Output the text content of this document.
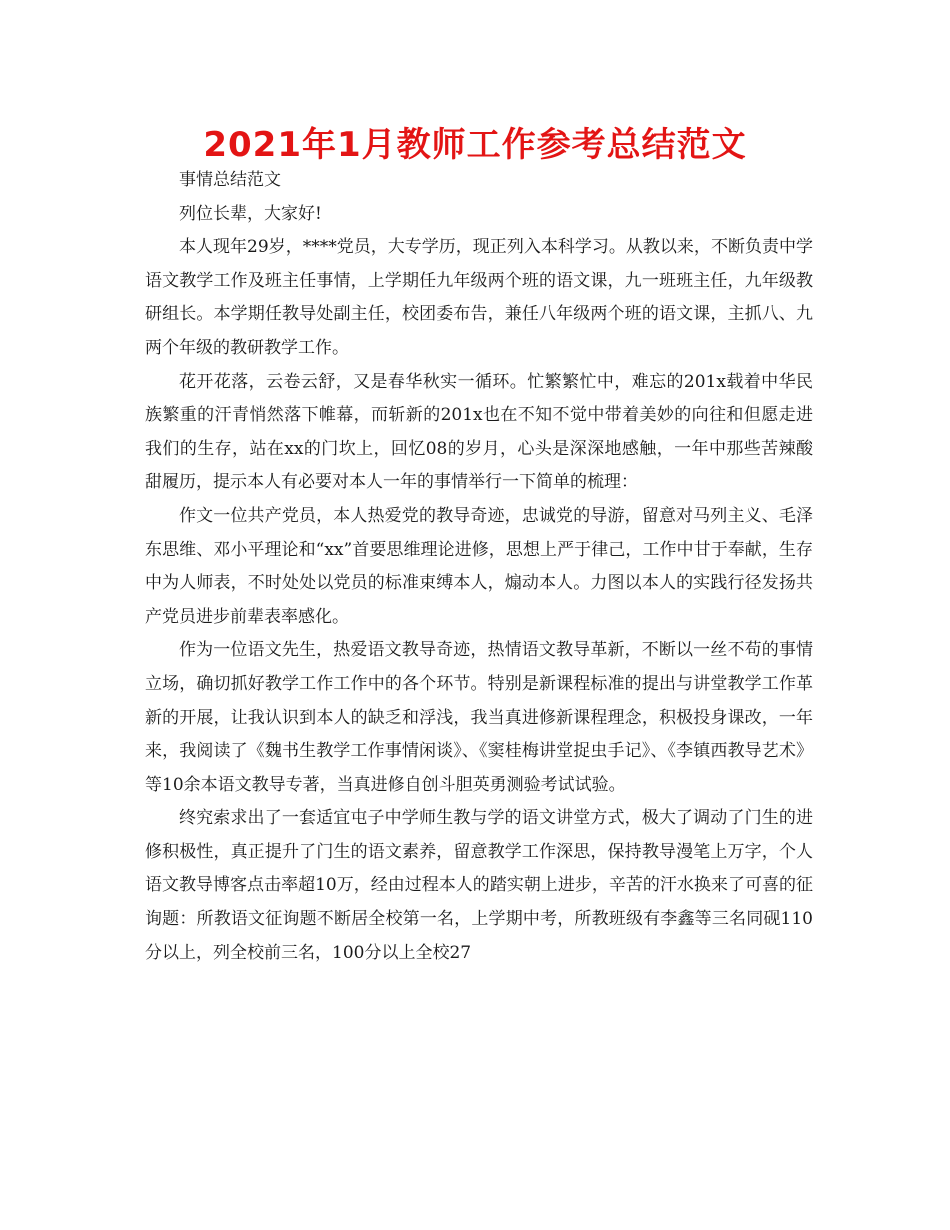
2021年1月教师工作参考总结范文

事情总结范文

列位长辈，大家好!

本人现年29岁，****党员，大专学历，现正列入本科学习。从教以来，不断负责中学语文教学工作及班主任事情，上学期任九年级两个班的语文课，九一班班主任，九年级教研组长。本学期任教导处副主任，校团委布告，兼任八年级两个班的语文课，主抓八、九两个年级的教研教学工作。

花开花落，云卷云舒，又是春华秋实一循环。忙繁繁忙中，难忘的201x载着中华民族繁重的汗青悄然落下帷幕，而斩新的201x也在不知不觉中带着美妙的向往和但愿走进我们的生存，站在xx的门坎上，回忆08的岁月，心头是深深地感触，一年中那些苦辣酸甜履历，提示本人有必要对本人一年的事情举行一下简单的梳理：

作文一位共产党员，本人热爱党的教导奇迹，忠诚党的导游，留意对马列主义、毛泽东思维、邓小平理论和“xx”首要思维理论进修，思想上严于律己，工作中甘于奉献，生存中为人师表，不时处处以党员的标准束缚本人，煽动本人。力图以本人的实践行径发扬共产党员进步前辈表率感化。

作为一位语文先生，热爱语文教导奇迹，热情语文教导革新，不断以一丝不苟的事情立场，确切抓好教学工作工作中的各个环节。特别是新课程标准的提出与讲堂教学工作革新的开展，让我认识到本人的缺乏和浮浅，我当真进修新课程理念，积极投身课改，一年来，我阅读了《魏书生教学工作事情闲谈》、《窦桂梅讲堂捉虫手记》、《李镇西教导艺术》等10余本语文教导专著，当真进修自创斗胆英勇测验考试试验。

终究索求出了一套适宜屯子中学师生教与学的语文讲堂方式，极大了调动了门生的进修积极性，真正提升了门生的语文素养，留意教学工作深思，保持教导漫笔上万字，个人语文教导博客点击率超10万，经由过程本人的踏实朝上进步，辛苦的汗水换来了可喜的征询题：所教语文征询题不断居全校第一名，上学期中考，所教班级有李鑫等三名同砚110分以上，列全校前三名，100分以上全校27
